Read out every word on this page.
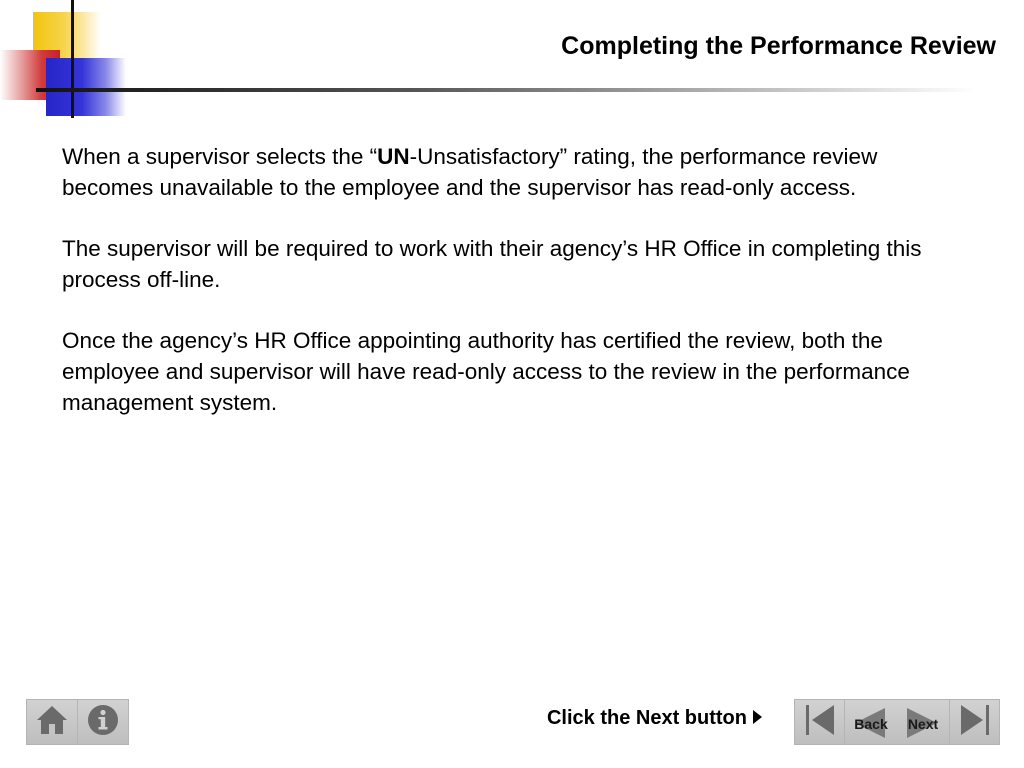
Completing the Performance Review

When a supervisor selects the “UN-Unsatisfactory” rating, the performance review becomes unavailable to the employee and the supervisor has read-only access.

The supervisor will be required to work with their agency’s HR Office in completing this process off-line.

Once the agency’s HR Office appointing authority has certified the review, both the employee and supervisor will have read-only access to the review in the performance management system.

Click the Next button	Back Next
